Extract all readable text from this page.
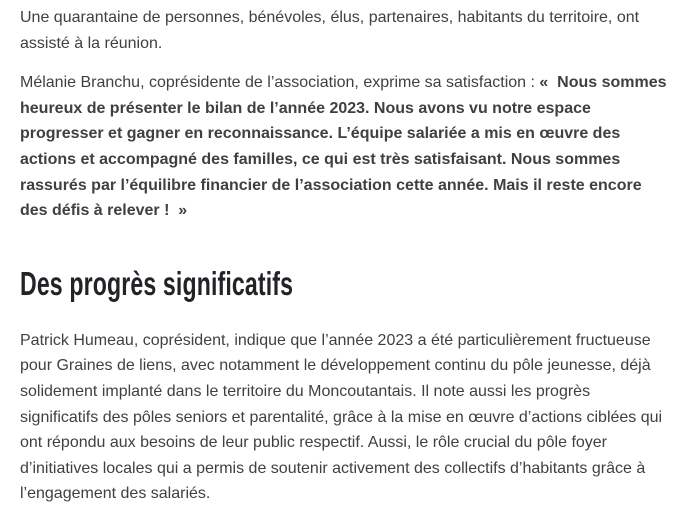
Une quarantaine de personnes, bénévoles, élus, partenaires, habitants du territoire, ont assisté à la réunion.

Mélanie Branchu, coprésidente de l’association, exprime sa satisfaction : «  Nous sommes heureux de présenter le bilan de l’année 2023. Nous avons vu notre espace progresser et gagner en reconnaissance. L’équipe salariée a mis en œuvre des actions et accompagné des familles, ce qui est très satisfaisant. Nous sommes rassurés par l’équilibre financier de l’association cette année. Mais il reste encore des défis à relever !  »

Des progrès significatifs

Patrick Humeau, coprésident, indique que l’année 2023 a été particulièrement fructueuse pour Graines de liens, avec notamment le développement continu du pôle jeunesse, déjà solidement implanté dans le territoire du Moncoutantais. Il note aussi les progrès significatifs des pôles seniors et parentalité, grâce à la mise en œuvre d’actions ciblées qui ont répondu aux besoins de leur public respectif. Aussi, le rôle crucial du pôle foyer d’initiatives locales qui a permis de soutenir activement des collectifs d’habitants grâce à l’engagement des salariés.
